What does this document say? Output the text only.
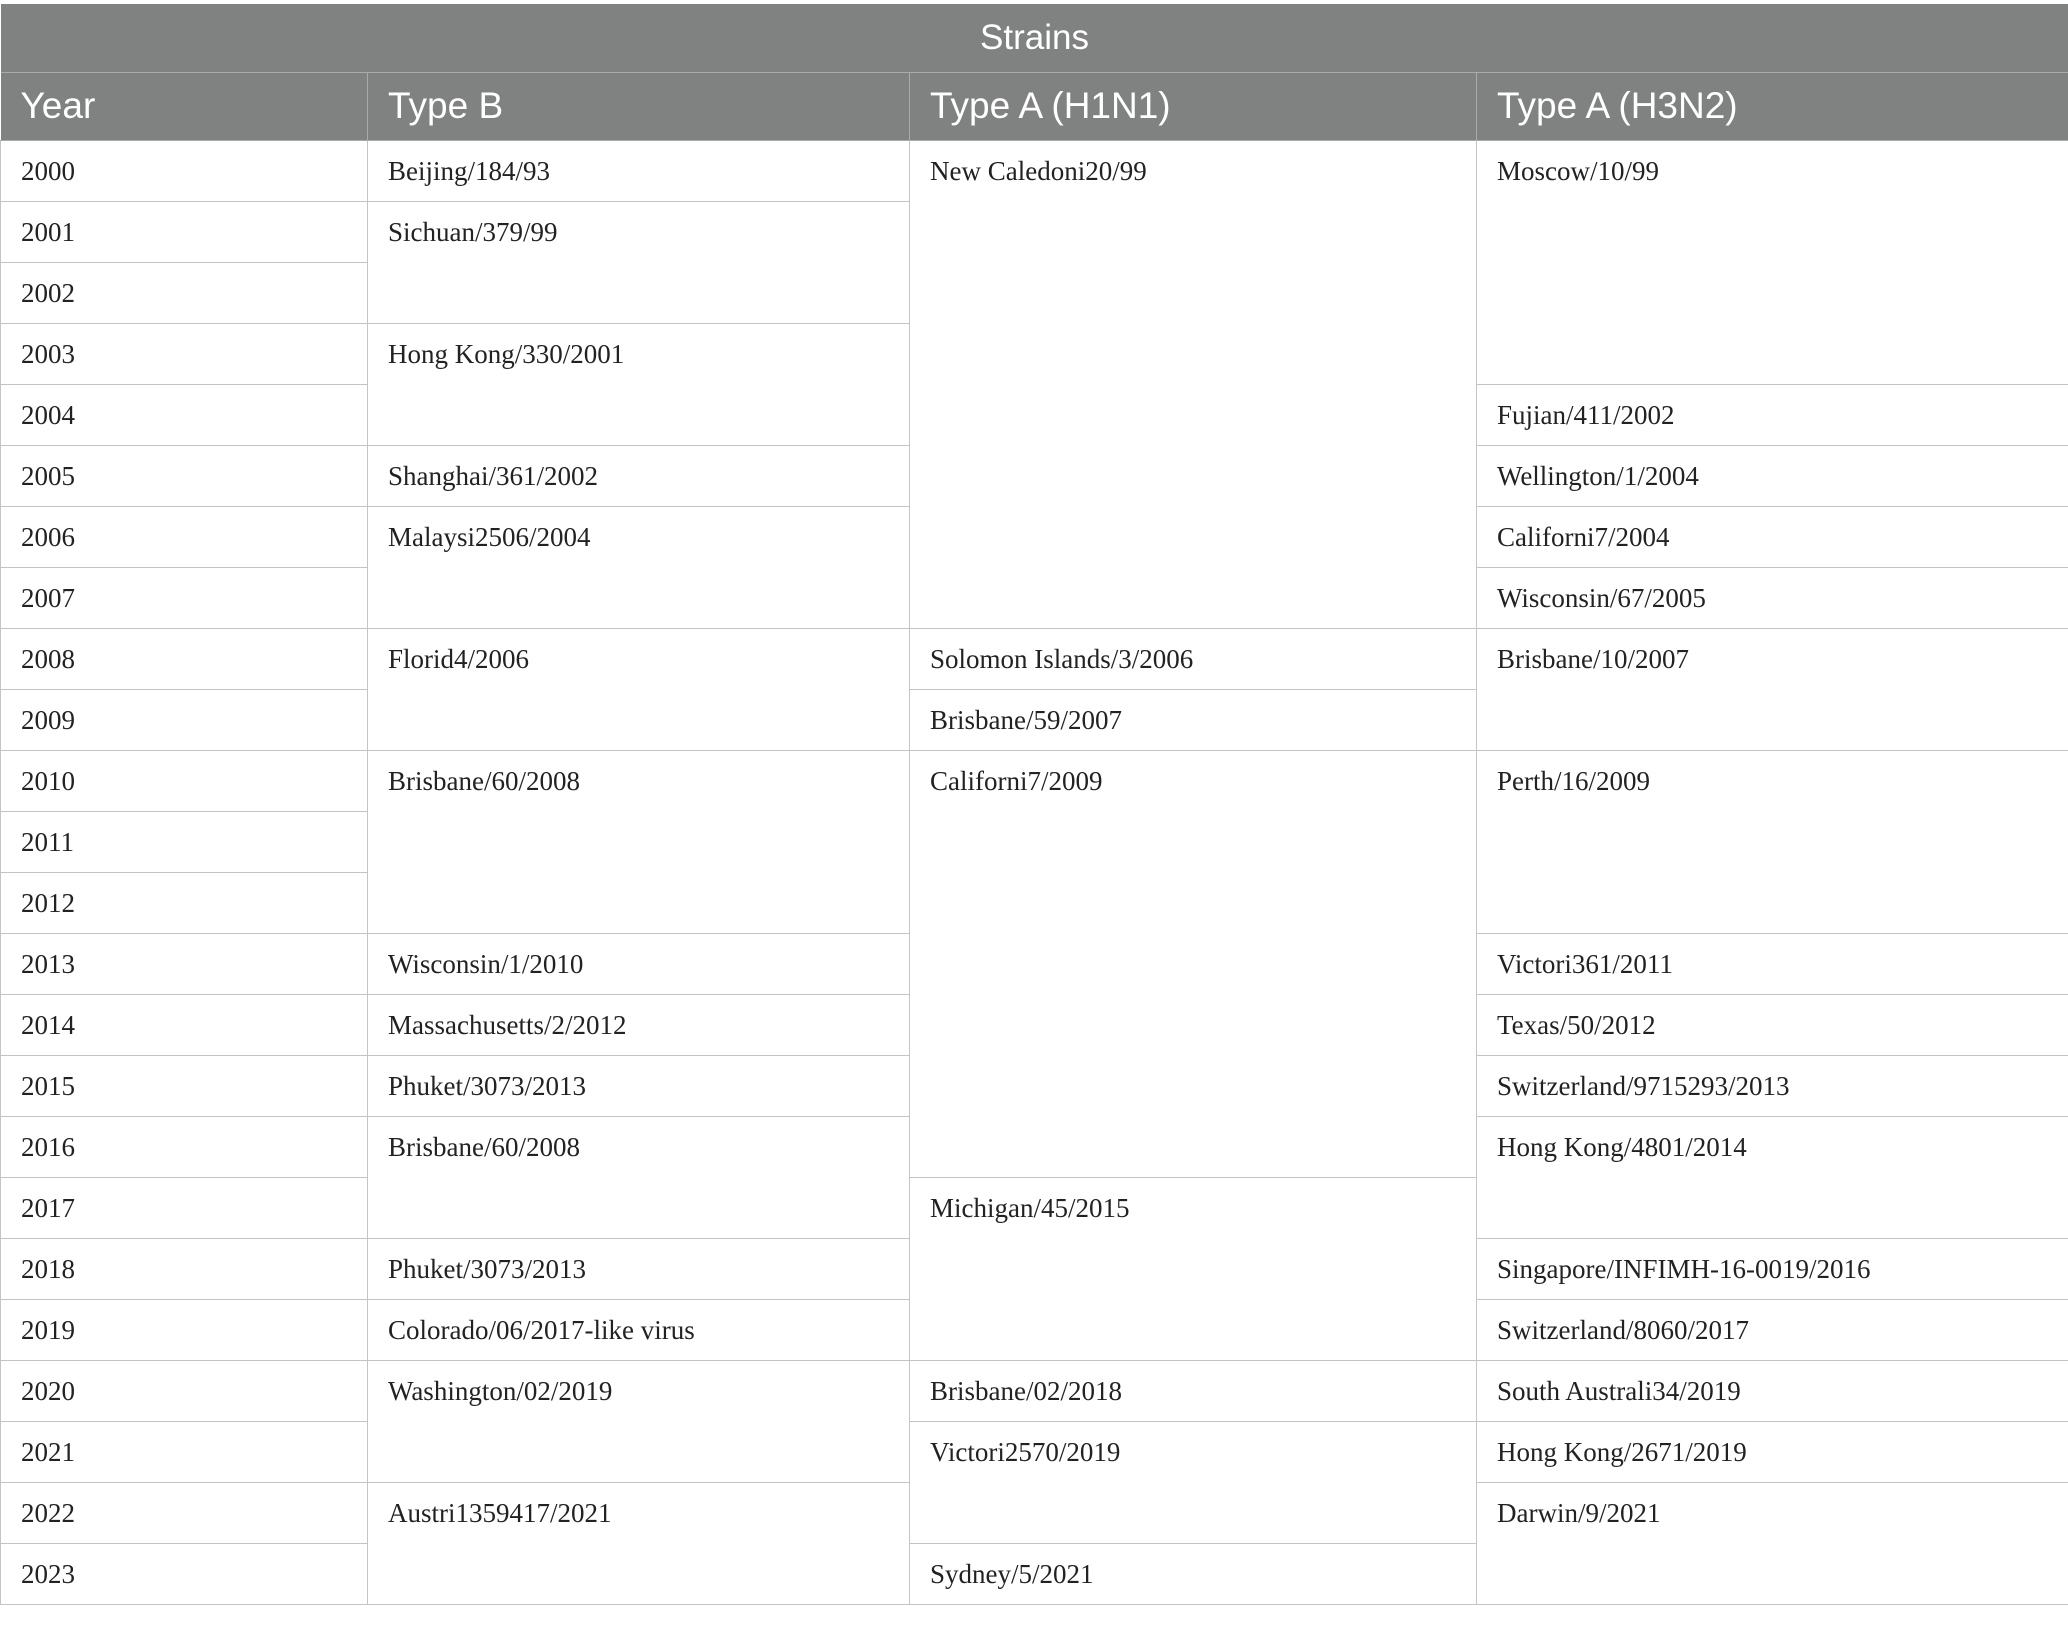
Strains			
Year	Type B	Type A (H1N1)	Type A (H3N2)
2000	Beijing/184/93	New Caledoni20/99	Moscow/10/99
2001	Sichuan/379/99		
2002			
2003	Hong Kong/330/2001		
2004			Fujian/411/2002
2005	Shanghai/361/2002		Wellington/1/2004
2006	Malaysi2506/2004		Californi7/2004
2007			Wisconsin/67/2005
2008	Florid4/2006	Solomon Islands/3/2006	Brisbane/10/2007
2009		Brisbane/59/2007	
2010	Brisbane/60/2008	Californi7/2009	Perth/16/2009
2011			
2012			
2013	Wisconsin/1/2010		Victori361/2011
2014	Massachusetts/2/2012		Texas/50/2012
2015	Phuket/3073/2013		Switzerland/9715293/2013
2016	Brisbane/60/2008		Hong Kong/4801/2014
2017		Michigan/45/2015	
2018	Phuket/3073/2013		Singapore/INFIMH-16-0019/2016
2019	Colorado/06/2017-like virus		Switzerland/8060/2017
2020	Washington/02/2019	Brisbane/02/2018	South Australi34/2019
2021		Victori2570/2019	Hong Kong/2671/2019
2022	Austri1359417/2021		Darwin/9/2021
2023		Sydney/5/2021	
